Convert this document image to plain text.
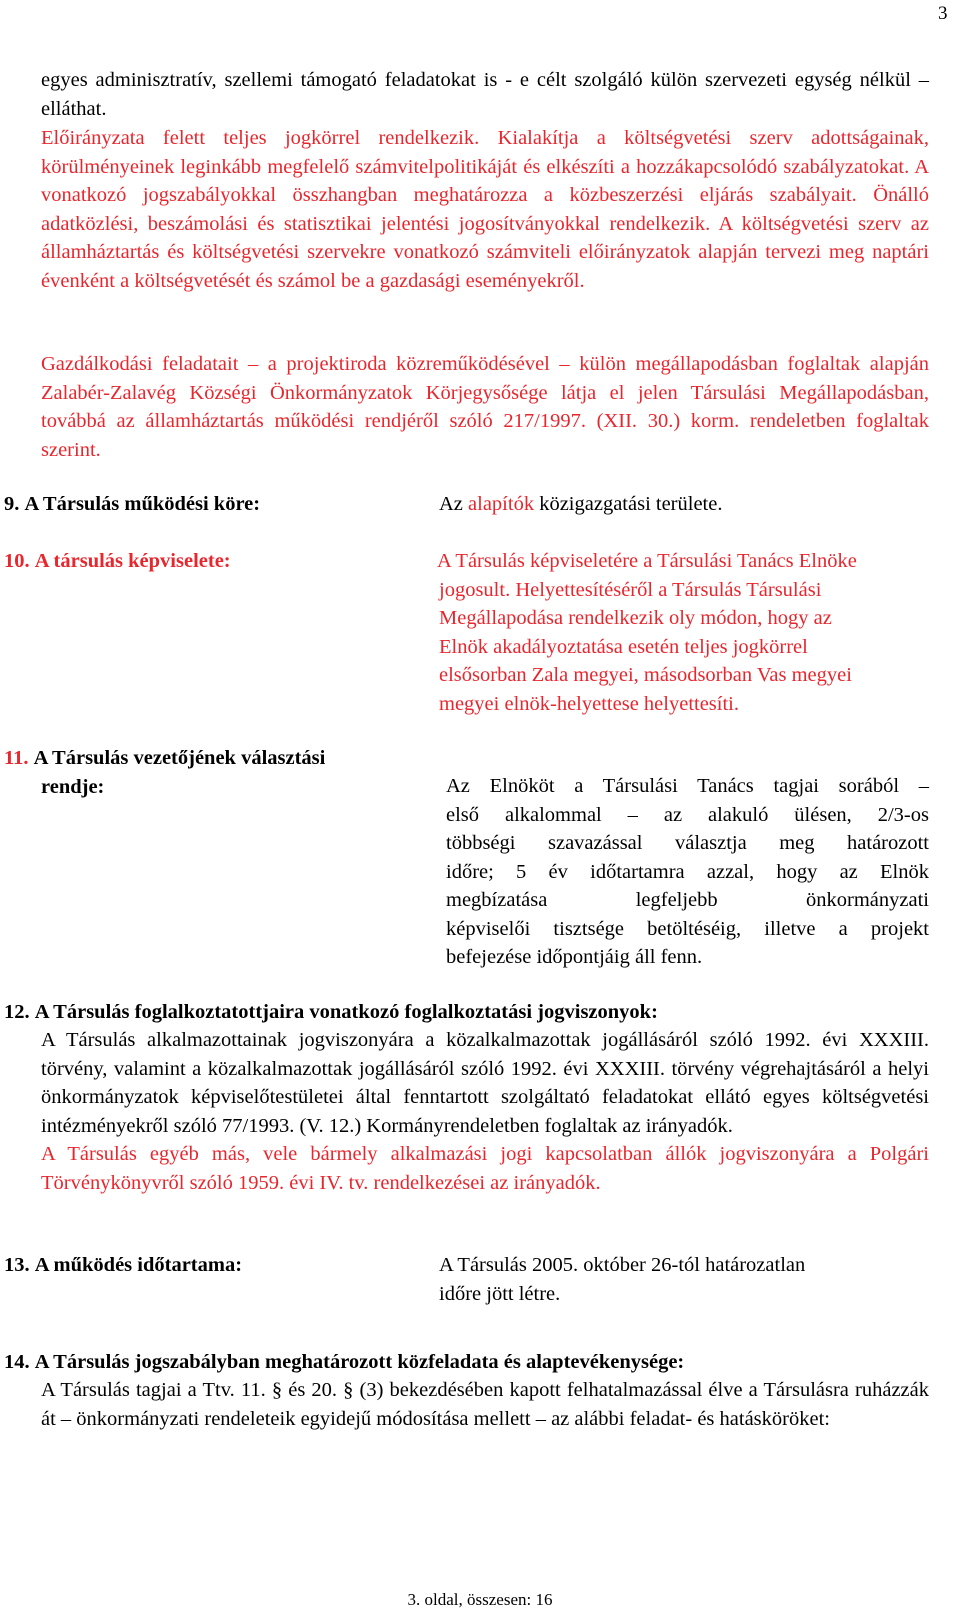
3
egyes adminisztratív, szellemi támogató feladatokat is - e célt szolgáló külön szervezeti egység nélkül – elláthat.
Előirányzata felett teljes jogkörrel rendelkezik. Kialakítja a költségvetési szerv adottságainak, körülményeinek leginkább megfelelő számvitelpolitikáját és elkészíti a hozzákapcsolódó szabályzatokat. A vonatkozó jogszabályokkal összhangban meghatározza a közbeszerzési eljárás szabályait. Önálló adatközlési, beszámolási és statisztikai jelentési jogosítványokkal rendelkezik. A költségvetési szerv az államháztartás és költségvetési szervekre vonatkozó számviteli előirányzatok alapján tervezi meg naptári évenként a költségvetését és számol be a gazdasági eseményekről.
Gazdálkodási feladatait – a projektiroda közreműködésével – külön megállapodásban foglaltak alapján Zalabér-Zalavég Községi Önkormányzatok Körjegysősége látja el jelen Társulási Megállapodásban, továbbá az államháztartás működési rendjéről szóló 217/1997. (XII. 30.) korm. rendeletben foglaltak szerint.
9. A Társulás működési köre:	Az alapítók közigazgatási területe.
10. A társulás képviselete:	A Társulás képviseletére a Társulási Tanács Elnöke
jogosult. Helyettesítéséről a Társulás Társulási
Megállapodása rendelkezik oly módon, hogy az
Elnök akadályoztatása esetén teljes jogkörrel
elsősorban Zala megyei, másodsorban Vas megyei
megyei elnök-helyettese helyettesíti.
11. A Társulás vezetőjének választási
rendje:	Az Elnököt a Társulási Tanács tagjai sorából –
első alkalommal – az alakuló ülésen, 2/3-os
többségi szavazással választja meg határozott
időre; 5 év időtartamra azzal, hogy az Elnök
megbízatása legfeljebb önkormányzati
képviselői tisztsége betöltéséig, illetve a projekt
befejezése időpontjáig áll fenn.
12. A Társulás foglalkoztatottjaira vonatkozó foglalkoztatási jogviszonyok:
A Társulás alkalmazottainak jogviszonyára a közalkalmazottak jogállásáról szóló 1992. évi XXXIII. törvény, valamint a közalkalmazottak jogállásáról szóló 1992. évi XXXIII. törvény végrehajtásáról a helyi önkormányzatok képviselőtestületei által fenntartott szolgáltató feladatokat ellátó egyes költségvetési intézményekről szóló 77/1993. (V. 12.) Kormányrendeletben foglaltak az irányadók.
A Társulás egyéb más, vele bármely alkalmazási jogi kapcsolatban állók jogviszonyára a Polgári Törvénykönyvről szóló 1959. évi IV. tv. rendelkezései az irányadók.
13. A működés időtartama:	A Társulás 2005. október 26-tól határozatlan
időre jött létre.
14. A Társulás jogszabályban meghatározott közfeladata és alaptevékenysége:
A Társulás tagjai a Ttv. 11. § és 20. § (3) bekezdésében kapott felhatalmazással élve a Társulásra ruházzák át – önkormányzati rendeleteik egyidejű módosítása mellett – az alábbi feladat- és hatásköröket:
3. oldal, összesen: 16
